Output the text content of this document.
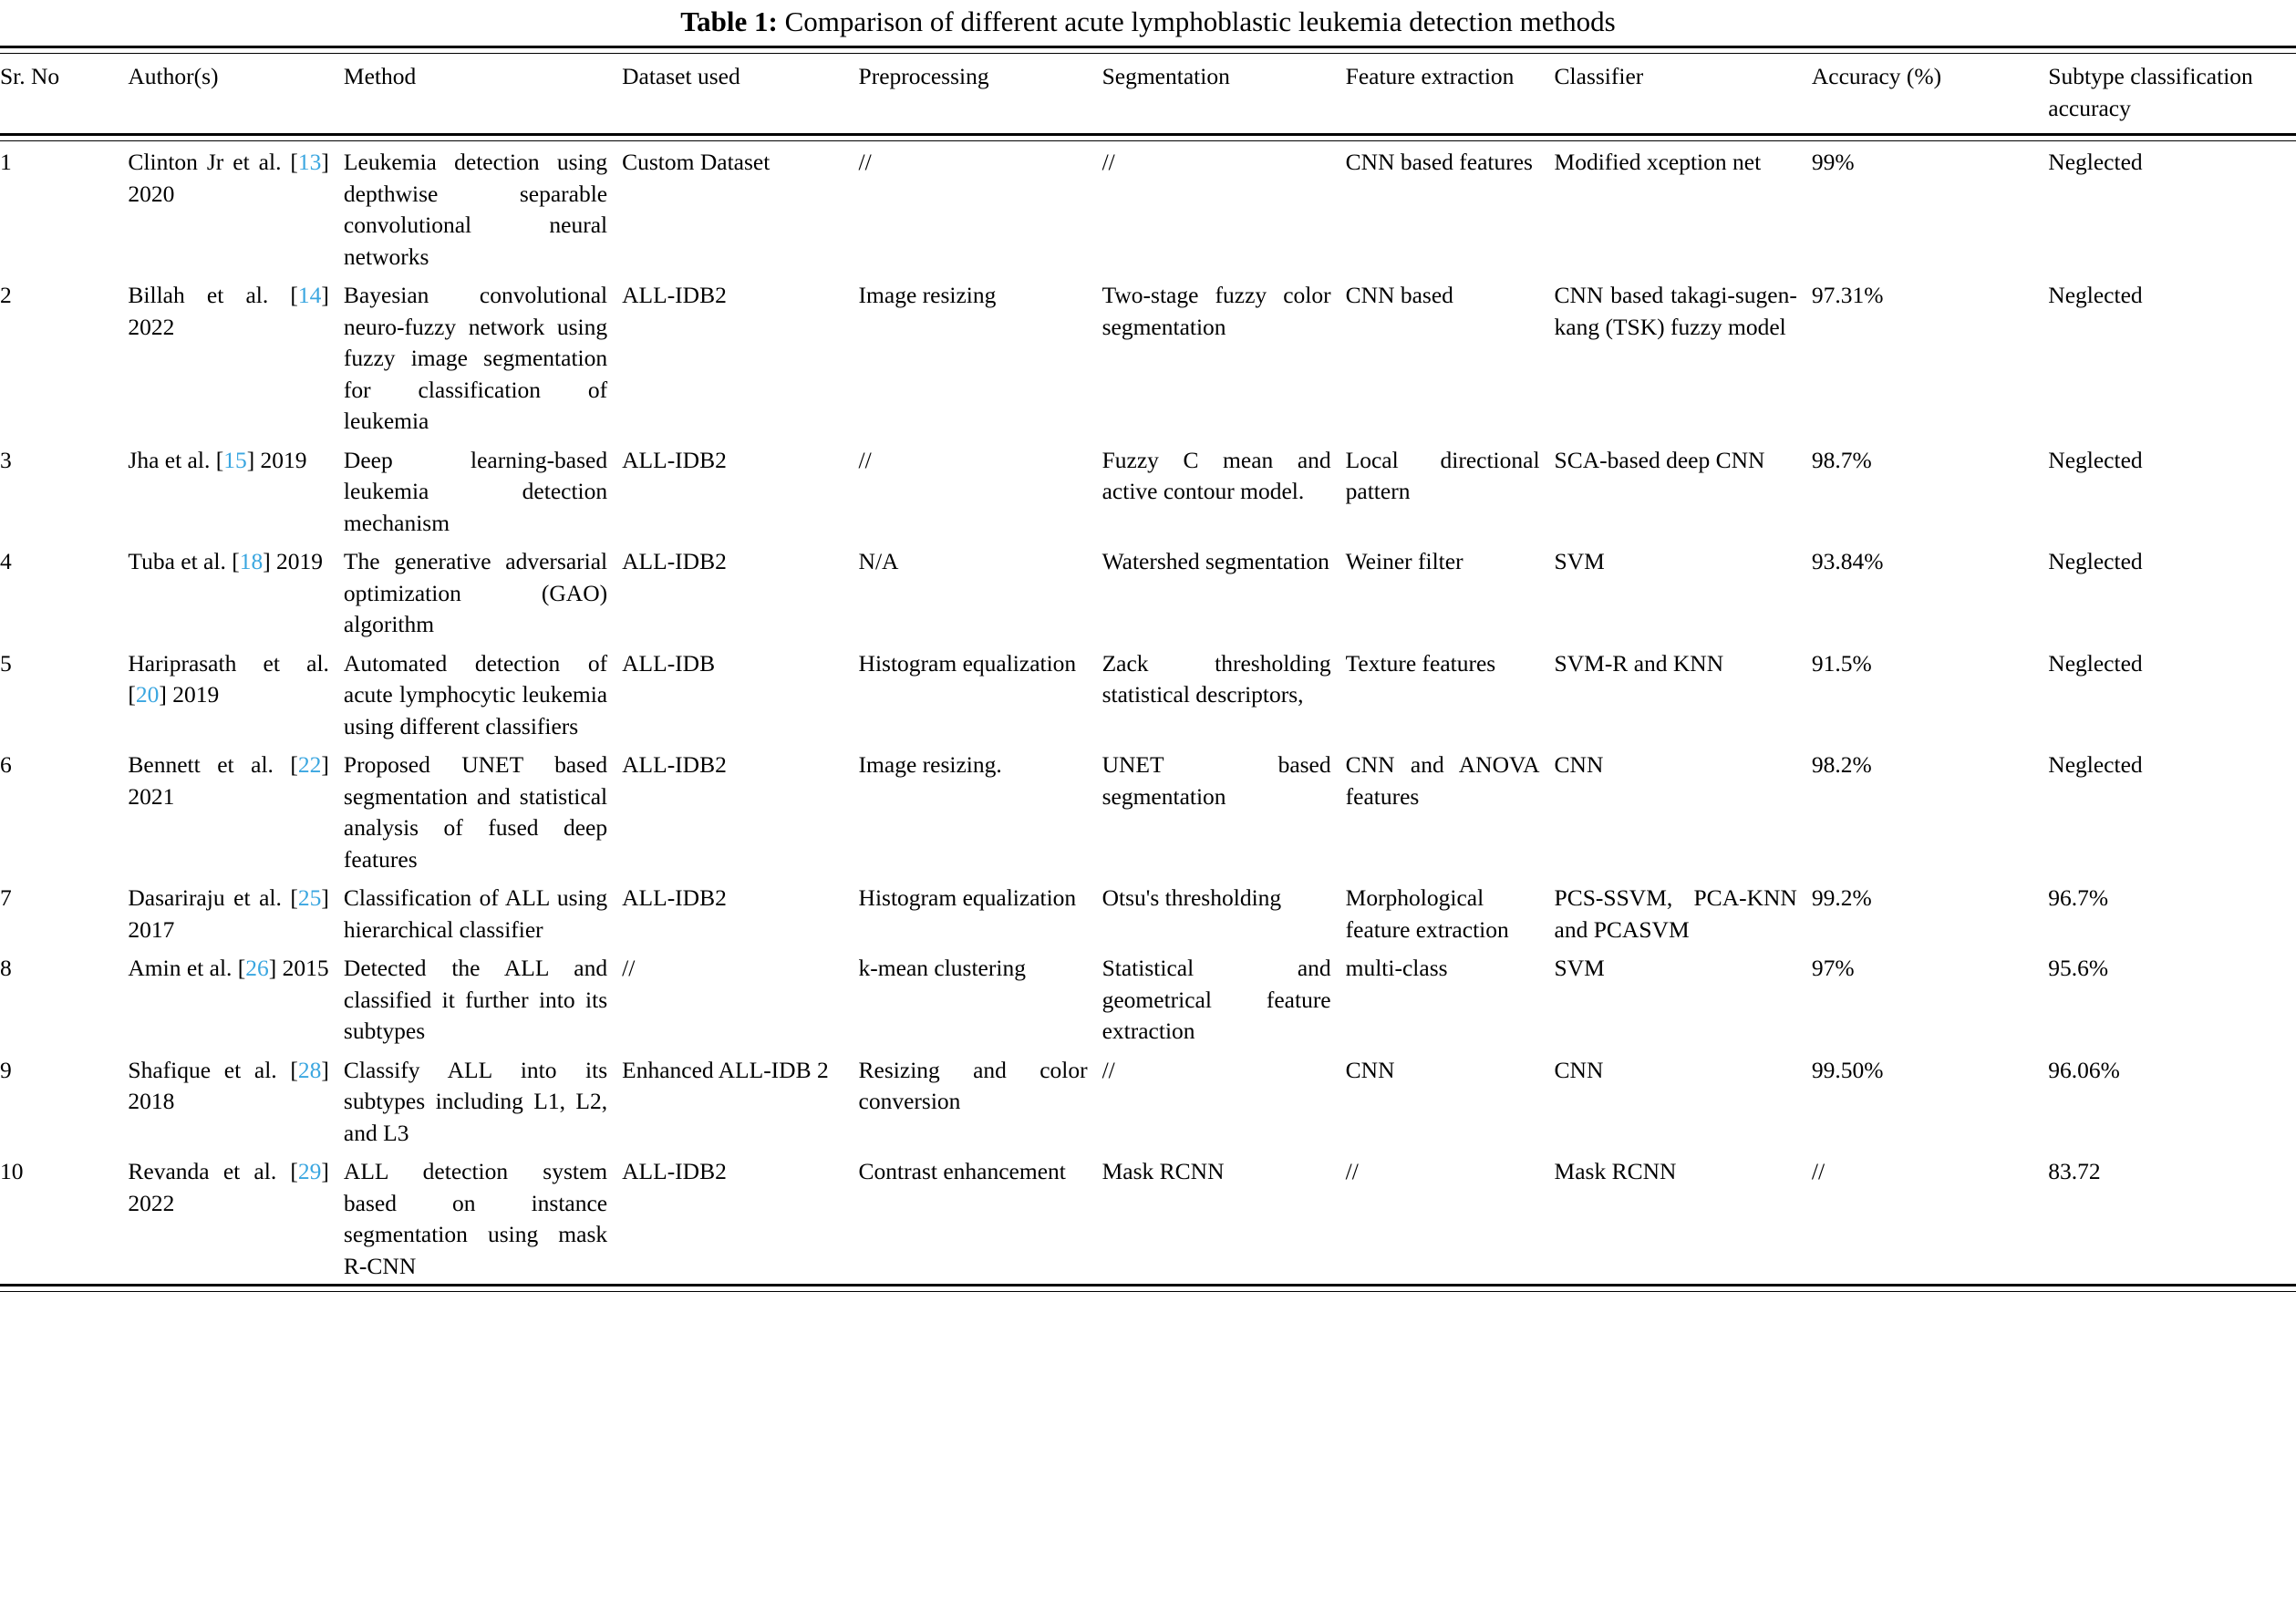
Table 1: Comparison of different acute lymphoblastic leukemia detection methods

Sr. No	Author(s)	Method	Dataset used	Preprocessing	Segmentation	Feature extraction	Classifier	Accuracy (%)	Subtype classification accuracy

1	Clinton Jr et al. [13] 2020	Leukemia detection using depthwise separable convolutional neural networks	Custom Dataset	//	//	CNN based features	Modified xception net	99%	Neglected
2	Billah et al. [14] 2022	Bayesian convolutional neuro-fuzzy network using fuzzy image segmentation for classification of leukemia	ALL-IDB2	Image resizing	Two-stage fuzzy color segmentation	CNN based	CNN based takagi-sugen-kang (TSK) fuzzy model	97.31%	Neglected
3	Jha et al. [15] 2019	Deep learning-based leukemia detection mechanism	ALL-IDB2	//	Fuzzy C mean and active contour model.	Local directional pattern	SCA-based deep CNN	98.7%	Neglected
4	Tuba et al. [18] 2019	The generative adversarial optimization (GAO) algorithm	ALL-IDB2	N/A	Watershed segmentation	Weiner filter	SVM	93.84%	Neglected
5	Hariprasath et al. [20] 2019	Automated detection of acute lymphocytic leukemia using different classifiers	ALL-IDB	Histogram equalization	Zack thresholding statistical descriptors,	Texture features	SVM-R and KNN	91.5%	Neglected
6	Bennett et al. [22] 2021	Proposed UNET based segmentation and statistical analysis of fused deep features	ALL-IDB2	Image resizing.	UNET based segmentation	CNN and ANOVA features	CNN	98.2%	Neglected
7	Dasariraju et al. [25] 2017	Classification of ALL using hierarchical classifier	ALL-IDB2	Histogram equalization	Otsu's thresholding	Morphological feature extraction	PCS-SSVM, PCA-KNN and PCASVM	99.2%	96.7%
8	Amin et al. [26] 2015	Detected the ALL and classified it further into its subtypes	//	k-mean clustering	Statistical and geometrical feature extraction	multi-class	SVM	97%	95.6%
9	Shafique et al. [28] 2018	Classify ALL into its subtypes including L1, L2, and L3	Enhanced ALL-IDB 2	Resizing and color conversion	//	CNN	CNN	99.50%	96.06%
10	Revanda et al. [29] 2022	ALL detection system based on instance segmentation using mask R-CNN	ALL-IDB2	Contrast enhancement	Mask RCNN	//	Mask RCNN	//	83.72
